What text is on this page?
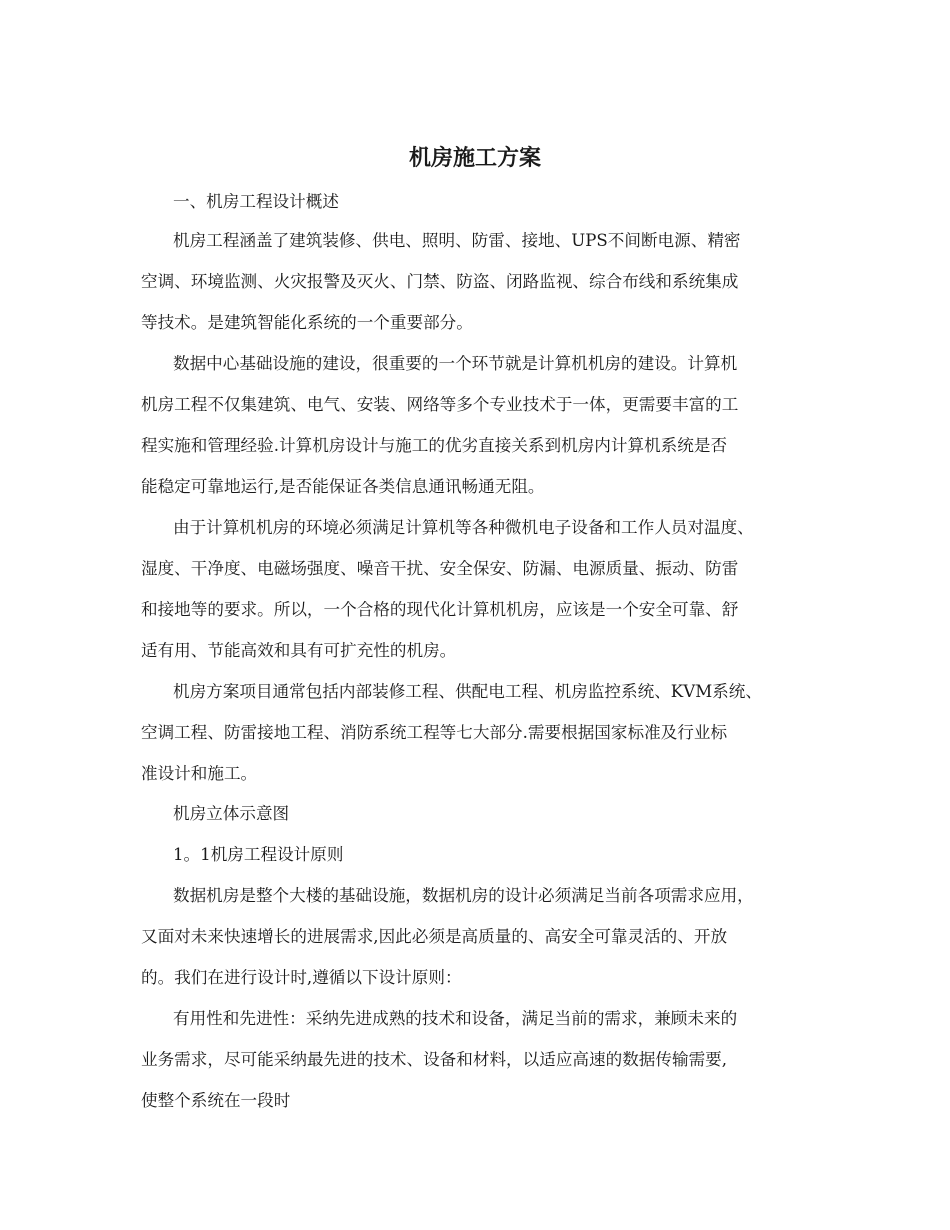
机房施工方案

一、机房工程设计概述

机房工程涵盖了建筑装修、供电、照明、防雷、接地、UPS不间断电源、精密

空调、环境监测、火灾报警及灭火、门禁、防盗、闭路监视、综合布线和系统集成

等技术。是建筑智能化系统的一个重要部分。

数据中心基础设施的建设，很重要的一个环节就是计算机机房的建设。计算机

机房工程不仅集建筑、电气、安装、网络等多个专业技术于一体，更需要丰富的工

程实施和管理经验.计算机房设计与施工的优劣直接关系到机房内计算机系统是否

能稳定可靠地运行,是否能保证各类信息通讯畅通无阻。

由于计算机机房的环境必须满足计算机等各种微机电子设备和工作人员对温度、

湿度、干净度、电磁场强度、噪音干扰、安全保安、防漏、电源质量、振动、防雷

和接地等的要求。所以，一个合格的现代化计算机机房，应该是一个安全可靠、舒

适有用、节能高效和具有可扩充性的机房。

机房方案项目通常包括内部装修工程、供配电工程、机房监控系统、KVM系统、

空调工程、防雷接地工程、消防系统工程等七大部分.需要根据国家标准及行业标

准设计和施工。

机房立体示意图

1。1机房工程设计原则

数据机房是整个大楼的基础设施，数据机房的设计必须满足当前各项需求应用，

又面对未来快速增长的进展需求,因此必须是高质量的、高安全可靠灵活的、开放

的。我们在进行设计时,遵循以下设计原则：

有用性和先进性：采纳先进成熟的技术和设备，满足当前的需求，兼顾未来的

业务需求，尽可能采纳最先进的技术、设备和材料，以适应高速的数据传输需要,

使整个系统在一段时
